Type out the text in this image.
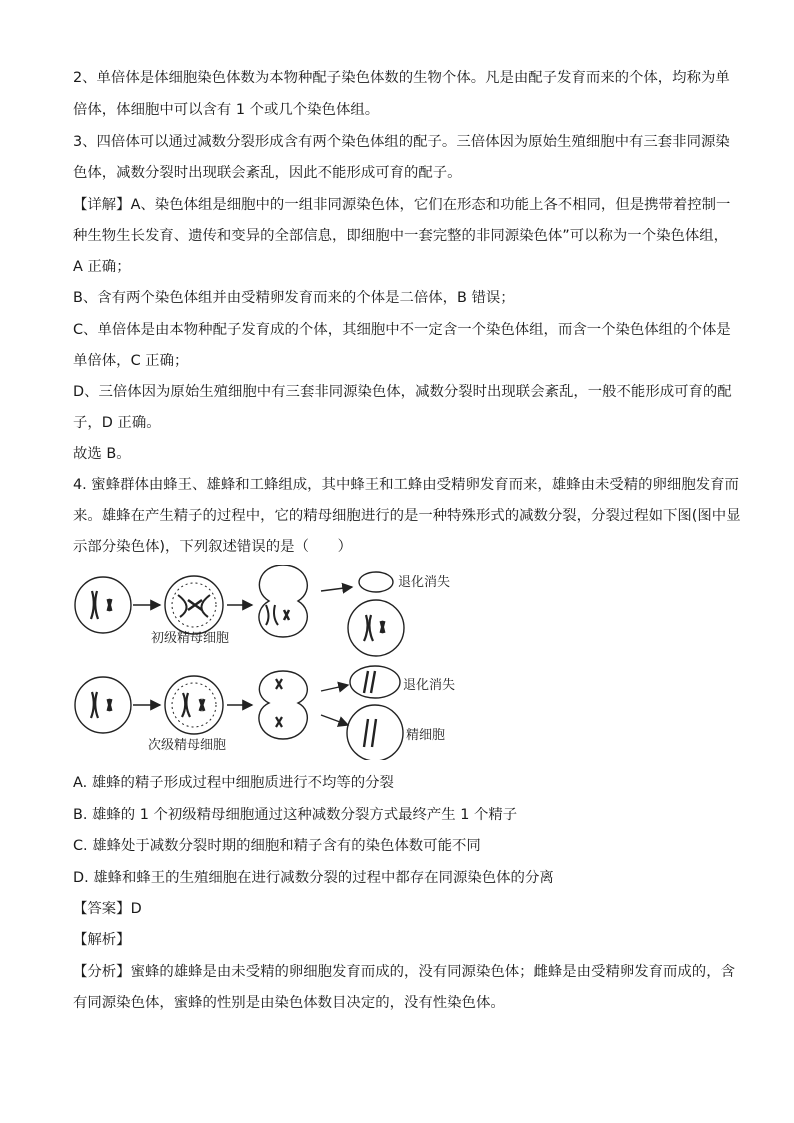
2、单倍体是体细胞染色体数为本物种配子染色体数的生物个体。凡是由配子发育而来的个体，均称为单
倍体，体细胞中可以含有 1 个或几个染色体组。
3、四倍体可以通过减数分裂形成含有两个染色体组的配子。三倍体因为原始生殖细胞中有三套非同源染
色体，减数分裂时出现联会紊乱，因此不能形成可育的配子。
【详解】A、染色体组是细胞中的一组非同源染色体，它们在形态和功能上各不相同，但是携带着控制一
种生物生长发育、遗传和变异的全部信息，即细胞中一套完整的非同源染色体”可以称为一个染色体组，
A 正确；
B、含有两个染色体组并由受精卵发育而来的个体是二倍体，B 错误；
C、单倍体是由本物种配子发育成的个体，其细胞中不一定含一个染色体组，而含一个染色体组的个体是
单倍体，C 正确；
D、三倍体因为原始生殖细胞中有三套非同源染色体，减数分裂时出现联会紊乱，一般不能形成可育的配
子，D 正确。
故选 B。
4. 蜜蜂群体由蜂王、雄蜂和工蜂组成，其中蜂王和工蜂由受精卵发育而来，雄蜂由未受精的卵细胞发育而
来。雄蜂在产生精子的过程中，它的精母细胞进行的是一种特殊形式的减数分裂，分裂过程如下图(图中显
示部分染色体)，下列叙述错误的是（　　）
退化消失
初级精母细胞
退化消失
次级精母细胞
精细胞
A. 雄蜂的精子形成过程中细胞质进行不均等的分裂
B. 雄蜂的 1 个初级精母细胞通过这种减数分裂方式最终产生 1 个精子
C. 雄蜂处于减数分裂时期的细胞和精子含有的染色体数可能不同
D. 雄蜂和蜂王的生殖细胞在进行减数分裂的过程中都存在同源染色体的分离
【答案】D
【解析】
【分析】蜜蜂的雄蜂是由未受精的卵细胞发育而成的，没有同源染色体；雌蜂是由受精卵发育而成的，含
有同源染色体，蜜蜂的性别是由染色体数目决定的，没有性染色体。
